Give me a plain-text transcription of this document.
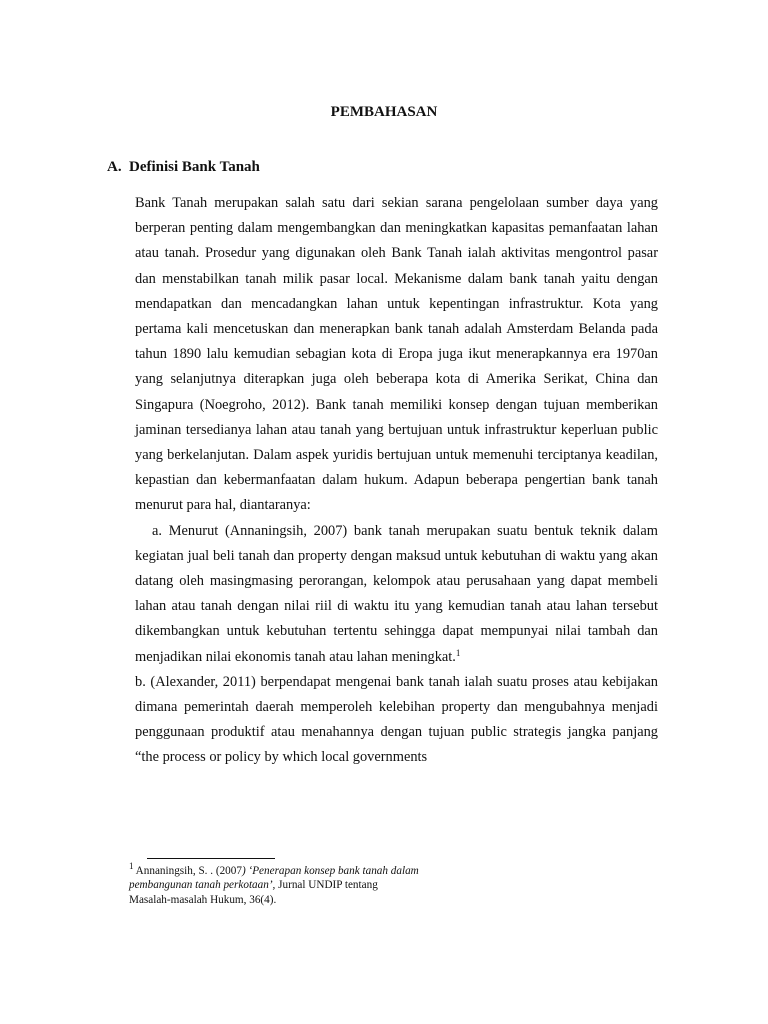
PEMBAHASAN
A. Definisi Bank Tanah

Bank Tanah merupakan salah satu dari sekian sarana pengelolaan sumber daya yang berperan penting dalam mengembangkan dan meningkatkan kapasitas pemanfaatan lahan atau tanah. Prosedur yang digunakan oleh Bank Tanah ialah aktivitas mengontrol pasar dan menstabilkan tanah milik pasar local. Mekanisme dalam bank tanah yaitu dengan mendapatkan dan mencadangkan lahan untuk kepentingan infrastruktur. Kota yang pertama kali mencetuskan dan menerapkan bank tanah adalah Amsterdam Belanda pada tahun 1890 lalu kemudian sebagian kota di Eropa juga ikut menerapkannya era 1970an yang selanjutnya diterapkan juga oleh beberapa kota di Amerika Serikat, China dan Singapura (Noegroho, 2012). Bank tanah memiliki konsep dengan tujuan memberikan jaminan tersedianya lahan atau tanah yang bertujuan untuk infrastruktur keperluan public yang berkelanjutan. Dalam aspek yuridis bertujuan untuk memenuhi terciptanya keadilan, kepastian dan kebermanfaatan dalam hukum. Adapun beberapa pengertian bank tanah menurut para hal, diantaranya:

a. Menurut (Annaningsih, 2007) bank tanah merupakan suatu bentuk teknik dalam kegiatan jual beli tanah dan property dengan maksud untuk kebutuhan di waktu yang akan datang oleh masingmasing perorangan, kelompok atau perusahaan yang dapat membeli lahan atau tanah dengan nilai riil di waktu itu yang kemudian tanah atau lahan tersebut dikembangkan untuk kebutuhan tertentu sehingga dapat mempunyai nilai tambah dan menjadikan nilai ekonomis tanah atau lahan meningkat.$^1$

b. (Alexander, 2011) berpendapat mengenai bank tanah ialah suatu proses atau kebijakan dimana pemerintah daerah memperoleh kelebihan property dan mengubahnya menjadi penggunaan produktif atau menahannya dengan tujuan public strategis jangka panjang “the process or policy by which local governments

$^1$ Annaningsih, S. . (2007) ‘Penerapan konsep bank tanah dalam pembangunan tanah perkotaan’, Jurnal UNDIP tentang Masalah-masalah Hukum, 36(4).
